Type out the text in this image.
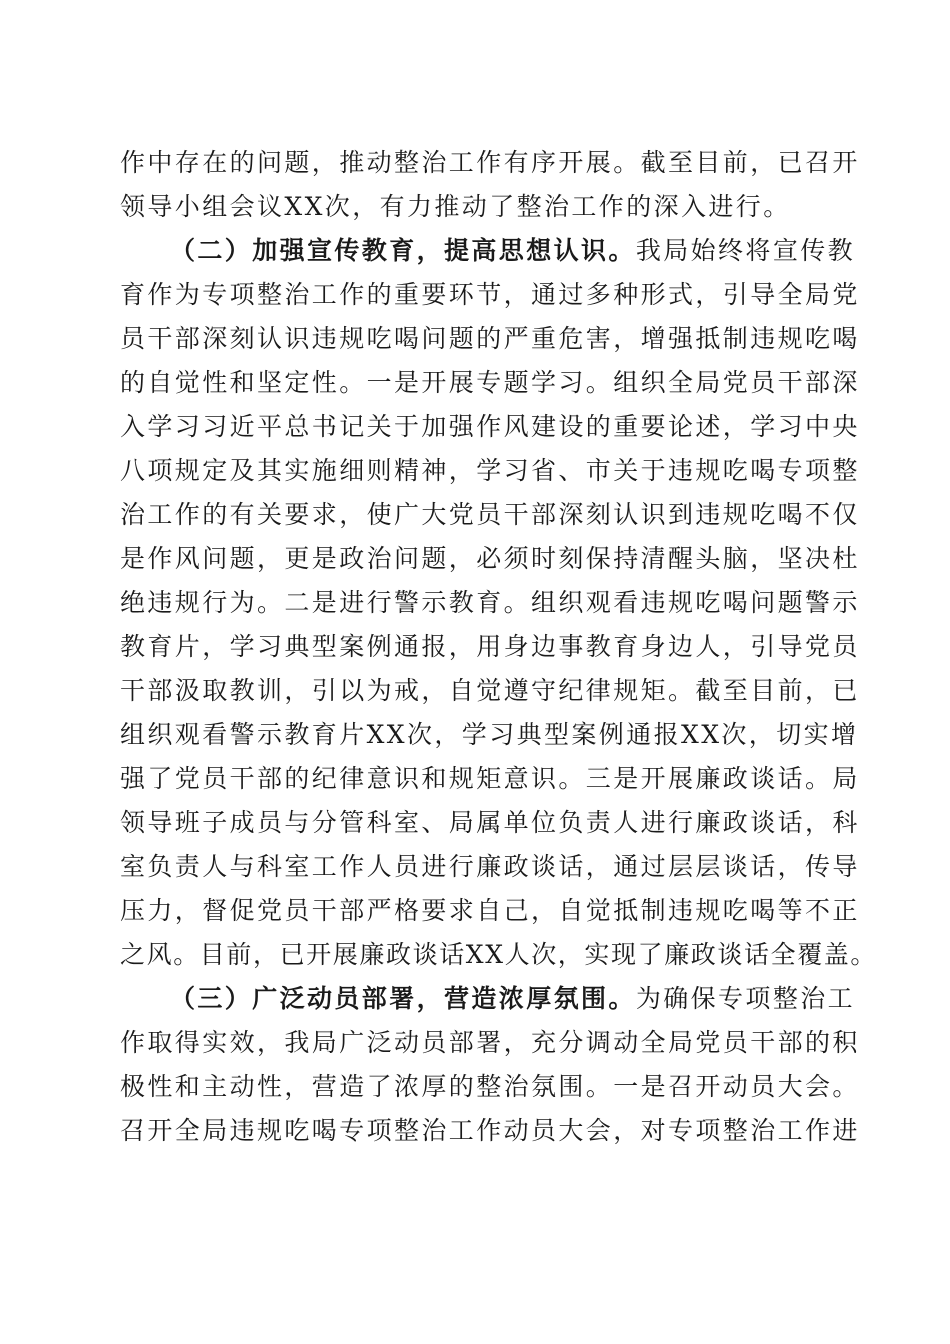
作中存在的问题，推动整治工作有序开展。截至目前，已召开
领导小组会议XX次，有力推动了整治工作的深入进行。
（二）加强宣传教育，提高思想认识。我局始终将宣传教
育作为专项整治工作的重要环节，通过多种形式，引导全局党
员干部深刻认识违规吃喝问题的严重危害，增强抵制违规吃喝
的自觉性和坚定性。一是开展专题学习。组织全局党员干部深
入学习习近平总书记关于加强作风建设的重要论述，学习中央
八项规定及其实施细则精神，学习省、市关于违规吃喝专项整
治工作的有关要求，使广大党员干部深刻认识到违规吃喝不仅
是作风问题，更是政治问题，必须时刻保持清醒头脑，坚决杜
绝违规行为。二是进行警示教育。组织观看违规吃喝问题警示
教育片，学习典型案例通报，用身边事教育身边人，引导党员
干部汲取教训，引以为戒，自觉遵守纪律规矩。截至目前，已
组织观看警示教育片XX次，学习典型案例通报XX次，切实增
强了党员干部的纪律意识和规矩意识。三是开展廉政谈话。局
领导班子成员与分管科室、局属单位负责人进行廉政谈话，科
室负责人与科室工作人员进行廉政谈话，通过层层谈话，传导
压力，督促党员干部严格要求自己，自觉抵制违规吃喝等不正
之风。目前，已开展廉政谈话XX人次，实现了廉政谈话全覆盖。
（三）广泛动员部署，营造浓厚氛围。为确保专项整治工
作取得实效，我局广泛动员部署，充分调动全局党员干部的积
极性和主动性，营造了浓厚的整治氛围。一是召开动员大会。
召开全局违规吃喝专项整治工作动员大会，对专项整治工作进
